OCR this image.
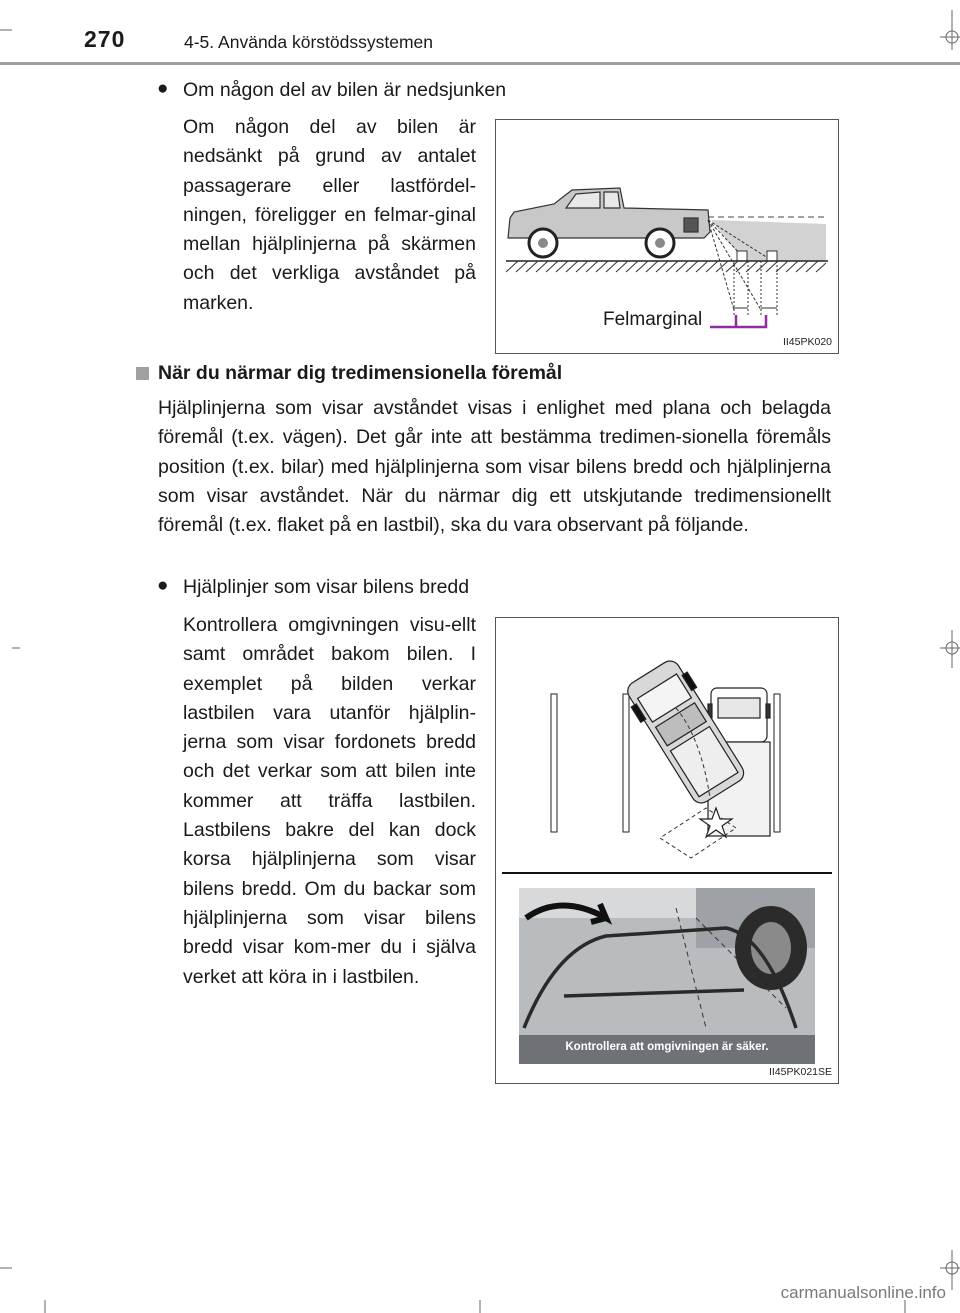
270	4-5. Använda körstödssystemen
● Om någon del av bilen är nedsjunken
Om någon del av bilen är nedsänkt på grund av antalet passagerare eller lastfördel-ningen, föreligger en felmar-ginal mellan hjälplinjerna på skärmen och det verkliga avståndet på marken.
Felmarginal
II45PK020
När du närmar dig tredimensionella föremål
Hjälplinjerna som visar avståndet visas i enlighet med plana och belagda föremål (t.ex. vägen). Det går inte att bestämma tredimen-sionella föremåls position (t.ex. bilar) med hjälplinjerna som visar bilens bredd och hjälplinjerna som visar avståndet. När du närmar dig ett utskjutande tredimensionellt föremål (t.ex. flaket på en lastbil), ska du vara observant på följande.
● Hjälplinjer som visar bilens bredd
Kontrollera omgivningen visu-ellt samt området bakom bilen. I exemplet på bilden verkar lastbilen vara utanför hjälplin-jerna som visar fordonets bredd och det verkar som att bilen inte kommer att träffa lastbilen. Lastbilens bakre del kan dock korsa hjälplinjerna som visar bilens bredd. Om du backar som hjälplinjerna som visar bilens bredd visar kom-mer du i själva verket att köra in i lastbilen.
Kontrollera att omgivningen är säker.
II45PK021SE
carmanualsonline.info
